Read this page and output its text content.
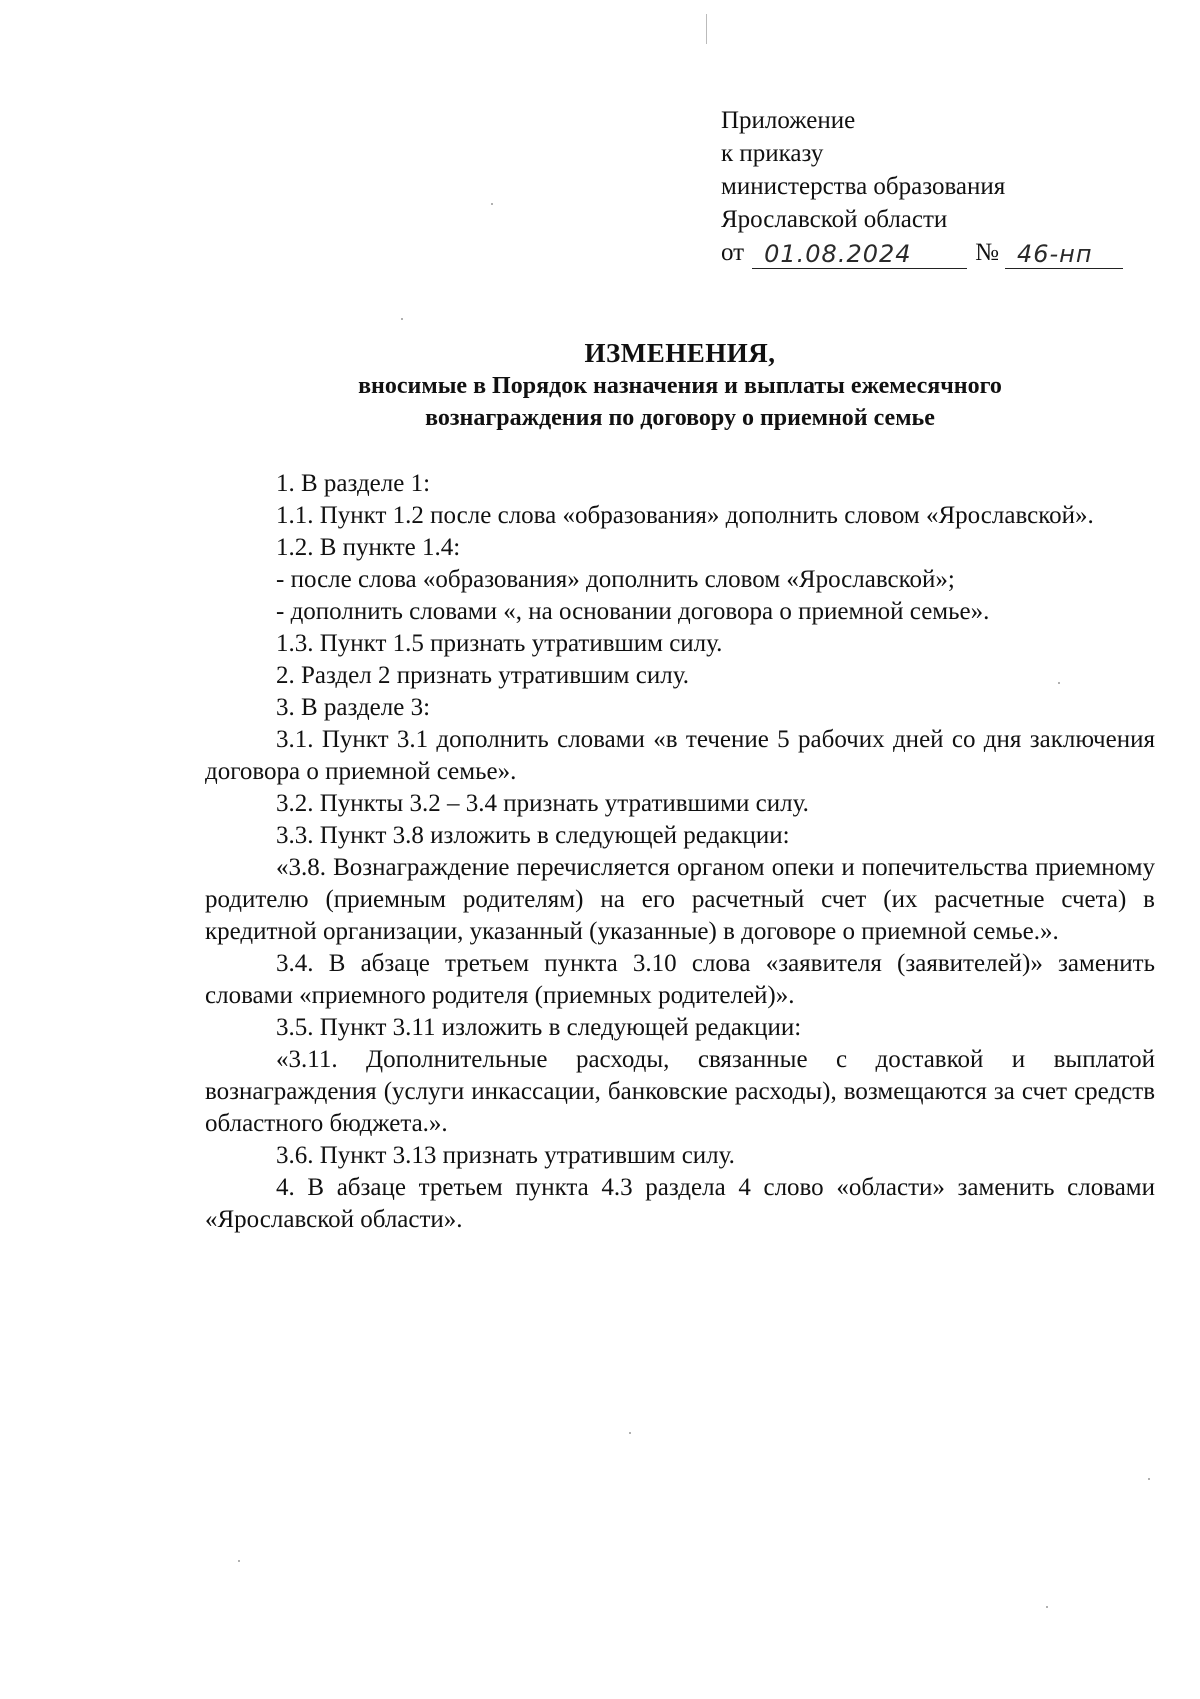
Приложение
к приказу
министерства образования
Ярославской области
от 01.08.2024	№ 46-нп
ИЗМЕНЕНИЯ,
вносимые в Порядок назначения и выплаты ежемесячного
вознаграждения по договору о приемной семье

1. В разделе 1:

1.1. Пункт 1.2 после слова «образования» дополнить словом «Ярославской».

1.2. В пункте 1.4:

- после слова «образования» дополнить словом «Ярославской»;

- дополнить словами «, на основании договора о приемной семье».

1.3. Пункт 1.5 признать утратившим силу.

2. Раздел 2 признать утратившим силу.

3. В разделе 3:

3.1. Пункт 3.1 дополнить словами «в течение 5 рабочих дней со дня заключения договора о приемной семье».

3.2. Пункты 3.2 – 3.4 признать утратившими силу.

3.3. Пункт 3.8 изложить в следующей редакции:

«3.8. Вознаграждение перечисляется органом опеки и попечительства приемному родителю (приемным родителям) на его расчетный счет (их расчетные счета) в кредитной организации, указанный (указанные) в договоре о приемной семье.».

3.4. В абзаце третьем пункта 3.10 слова «заявителя (заявителей)» заменить словами «приемного родителя (приемных родителей)».

3.5. Пункт 3.11 изложить в следующей редакции:

«3.11. Дополнительные расходы, связанные с доставкой и выплатой вознаграждения (услуги инкассации, банковские расходы), возмещаются за счет средств областного бюджета.».

3.6. Пункт 3.13 признать утратившим силу.

4. В абзаце третьем пункта 4.3 раздела 4 слово «области» заменить словами «Ярославской области».
